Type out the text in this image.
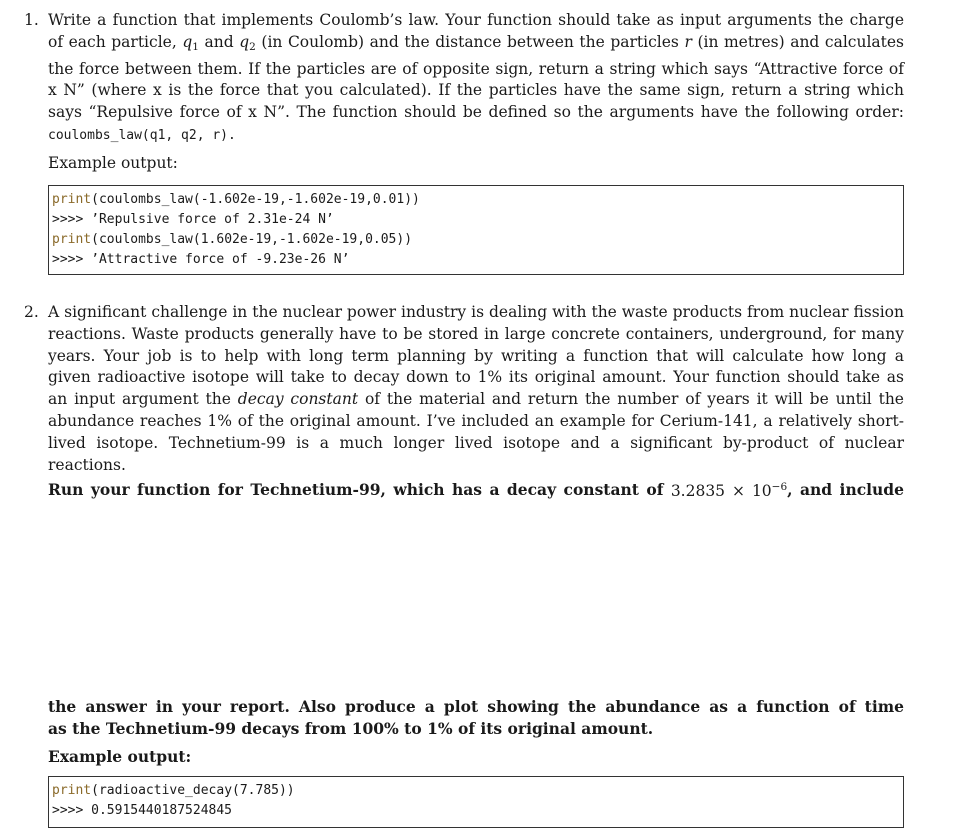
1. Write a function that implements Coulomb’s law. Your function should take as input arguments the charge
of each particle, $q_1$ and $q_2$ (in Coulomb) and the distance between the particles r (in metres) and calculates
the force between them. If the particles are of opposite sign, return a string which says “Attractive force of
x N” (where x is the force that you calculated). If the particles have the same sign, return a string which
says “Repulsive force of x N”. The function should be defined so the arguments have the following order:
coulombs_law(q1, q2, r).
Example output:
print(coulombs_law(-1.602e-19,-1.602e-19,0.01))
>>>> ’Repulsive force of 2.31e-24 N’
print(coulombs_law(1.602e-19,-1.602e-19,0.05))
>>>> ’Attractive force of -9.23e-26 N’
2. A significant challenge in the nuclear power industry is dealing with the waste products from nuclear fission
reactions. Waste products generally have to be stored in large concrete containers, underground, for many
years. Your job is to help with long term planning by writing a function that will calculate how long a
given radioactive isotope will take to decay down to 1% its original amount. Your function should take as
an input argument the decay constant of the material and return the number of years it will be until the
abundance reaches 1% of the original amount. I’ve included an example for Cerium-141, a relatively short-
lived isotope. Technetium-99 is a much longer lived isotope and a significant by-product of nuclear reactions.
Run your function for Technetium-99, which has a decay constant of $3.2835 \times 10^{-6}$, and include
the answer in your report. Also produce a plot showing the abundance as a function of time
as the Technetium-99 decays from 100% to 1% of its original amount.
Example output:
print(radioactive_decay(7.785))
>>>> 0.5915440187524845
